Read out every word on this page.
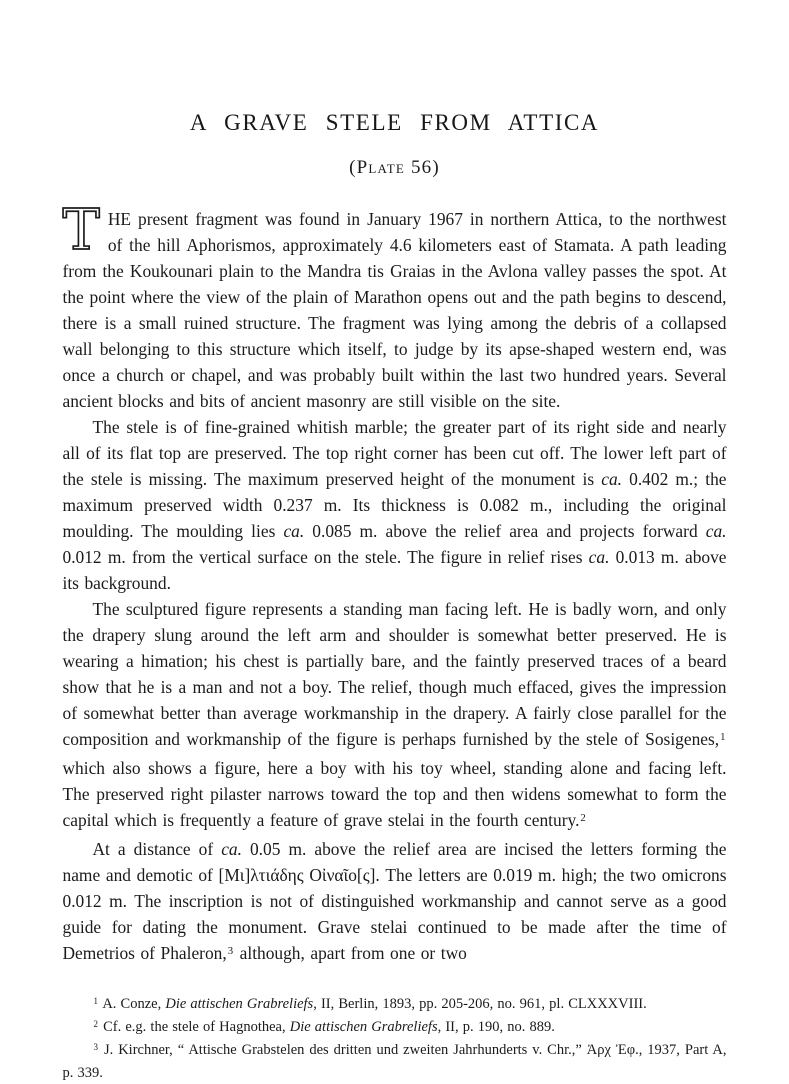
A GRAVE STELE FROM ATTICA
(Plate 56)

THE present fragment was found in January 1967 in northern Attica, to the northwest of the hill Aphorismos, approximately 4.6 kilometers east of Stamata. A path leading from the Koukounari plain to the Mandra tis Graias in the Avlona valley passes the spot. At the point where the view of the plain of Marathon opens out and the path begins to descend, there is a small ruined structure. The fragment was lying among the debris of a collapsed wall belonging to this structure which itself, to judge by its apse-shaped western end, was once a church or chapel, and was probably built within the last two hundred years. Several ancient blocks and bits of ancient masonry are still visible on the site.

The stele is of fine-grained whitish marble; the greater part of its right side and nearly all of its flat top are preserved. The top right corner has been cut off. The lower left part of the stele is missing. The maximum preserved height of the monument is ca. 0.402 m.; the maximum preserved width 0.237 m. Its thickness is 0.082 m., including the original moulding. The moulding lies ca. 0.085 m. above the relief area and projects forward ca. 0.012 m. from the vertical surface on the stele. The figure in relief rises ca. 0.013 m. above its background.

The sculptured figure represents a standing man facing left. He is badly worn, and only the drapery slung around the left arm and shoulder is somewhat better preserved. He is wearing a himation; his chest is partially bare, and the faintly preserved traces of a beard show that he is a man and not a boy. The relief, though much effaced, gives the impression of somewhat better than average workmanship in the drapery. A fairly close parallel for the composition and workmanship of the figure is perhaps furnished by the stele of Sosigenes,$^1$ which also shows a figure, here a boy with his toy wheel, standing alone and facing left. The preserved right pilaster narrows toward the top and then widens somewhat to form the capital which is frequently a feature of grave stelai in the fourth century.$^2$

At a distance of ca. 0.05 m. above the relief area are incised the letters forming the name and demotic of [Μι]λτιάδης Οἰναῖο[ς]. The letters are 0.019 m. high; the two omicrons 0.012 m. The inscription is not of distinguished workmanship and cannot serve as a good guide for dating the monument. Grave stelai continued to be made after the time of Demetrios of Phaleron,$^3$ although, apart from one or two

$^1$ A. Conze, Die attischen Grabreliefs, II, Berlin, 1893, pp. 205-206, no. 961, pl. CLXXXVIII.

$^2$ Cf. e.g. the stele of Hagnothea, Die attischen Grabreliefs, II, p. 190, no. 889.

$^3$ J. Kirchner, “ Attische Grabstelen des dritten und zweiten Jahrhunderts v. Chr.,” Ἀρχ Ἐφ., 1937, Part A, p. 339.
